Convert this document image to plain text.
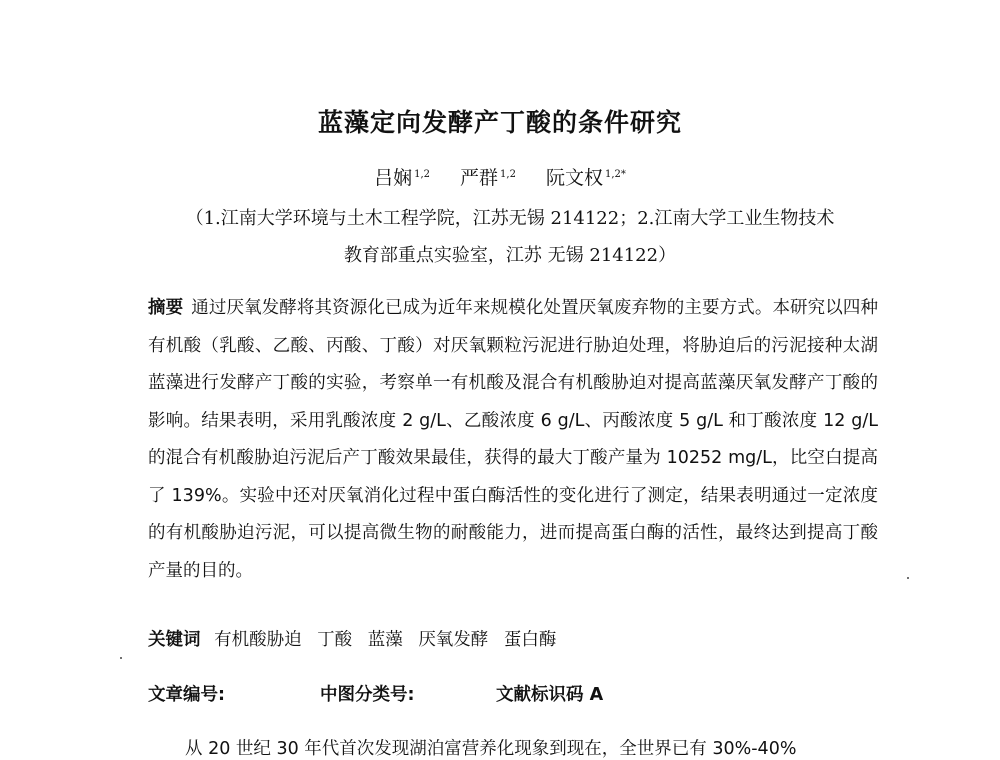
蓝藻定向发酵产丁酸的条件研究
吕娴 $^{1,2}$ 严群 $^{1,2}$ 阮文权 $^{1,2*}$
（1.江南大学环境与土木工程学院，江苏无锡 214122；2.江南大学工业生物技术
教育部重点实验室，江苏 无锡 214122）
摘要 通过厌氧发酵将其资源化已成为近年来规模化处置厌氧废弃物的主要方式。本研究以四种有机酸（乳酸、乙酸、丙酸、丁酸）对厌氧颗粒污泥进行胁迫处理，将胁迫后的污泥接种太湖蓝藻进行发酵产丁酸的实验，考察单一有机酸及混合有机酸胁迫对提高蓝藻厌氧发酵产丁酸的影响。结果表明，采用乳酸浓度 2 g/L、乙酸浓度 6 g/L、丙酸浓度 5 g/L 和丁酸浓度 12 g/L 的混合有机酸胁迫污泥后产丁酸效果最佳，获得的最大丁酸产量为 10252 mg/L，比空白提高了 139%。实验中还对厌氧消化过程中蛋白酶活性的变化进行了测定，结果表明通过一定浓度的有机酸胁迫污泥，可以提高微生物的耐酸能力，进而提高蛋白酶的活性，最终达到提高丁酸产量的目的。
关键词 有机酸胁迫 丁酸 蓝藻 厌氧发酵 蛋白酶
文章编号:	中图分类号:	文献标识码 A
从 20 世纪 30 年代首次发现湖泊富营养化现象到现在，全世界已有 30%-40%
